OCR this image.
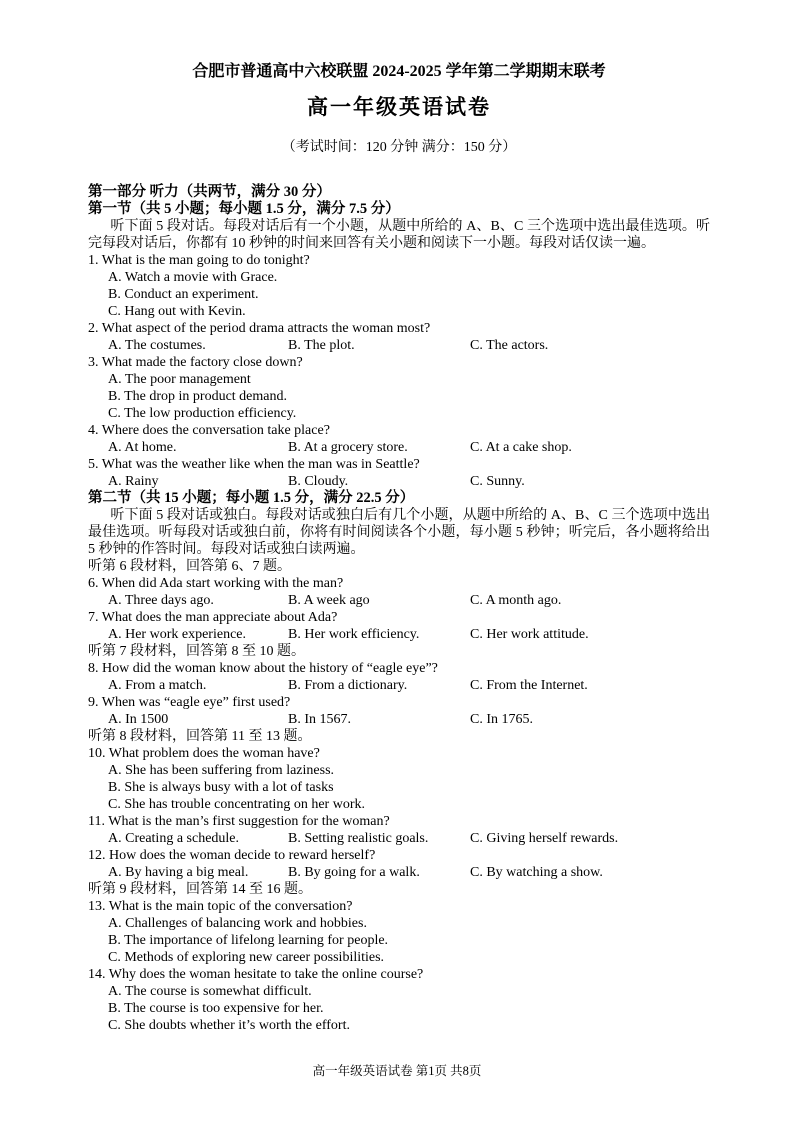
合肥市普通高中六校联盟 2024-2025 学年第二学期期末联考
高一年级英语试卷
（考试时间：120 分钟 满分：150 分）
第一部分 听力（共两节，满分 30 分）
第一节（共 5 小题；每小题 1.5 分，满分 7.5 分）
听下面 5 段对话。每段对话后有一个小题，从题中所给的 A、B、C 三个选项中选出最佳选项。听完每段对话后，你都有 10 秒钟的时间来回答有关小题和阅读下一小题。每段对话仅读一遍。
1. What is the man going to do tonight?
A. Watch a movie with Grace.
B. Conduct an experiment.
C. Hang out with Kevin.
2. What aspect of the period drama attracts the woman most?
A. The costumes.	B. The plot.	C. The actors.
3. What made the factory close down?
A. The poor management
B. The drop in product demand.
C. The low production efficiency.
4. Where does the conversation take place?
A. At home.	B. At a grocery store.	C. At a cake shop.
5. What was the weather like when the man was in Seattle?
A. Rainy	B. Cloudy.	C. Sunny.
第二节（共 15 小题；每小题 1.5 分，满分 22.5 分）
听下面 5 段对话或独白。每段对话或独白后有几个小题，从题中所给的 A、B、C 三个选项中选出最佳选项。听每段对话或独白前，你将有时间阅读各个小题，每小题 5 秒钟；听完后，各小题将给出 5 秒钟的作答时间。每段对话或独白读两遍。
听第 6 段材料，回答第 6、7 题。
6. When did Ada start working with the man?
A. Three days ago.	B. A week ago	C. A month ago.
7. What does the man appreciate about Ada?
A. Her work experience.	B. Her work efficiency.	C. Her work attitude.
听第 7 段材料，回答第 8 至 10 题。
8. How did the woman know about the history of “eagle eye”?
A. From a match.	B. From a dictionary.	C. From the Internet.
9. When was “eagle eye” first used?
A. In 1500	B. In 1567.	C. In 1765.
听第 8 段材料，回答第 11 至 13 题。
10. What problem does the woman have?
A. She has been suffering from laziness.
B. She is always busy with a lot of tasks
C. She has trouble concentrating on her work.
11. What is the man’s first suggestion for the woman?
A. Creating a schedule.	B. Setting realistic goals.	C. Giving herself rewards.
12. How does the woman decide to reward herself?
A. By having a big meal.	B. By going for a walk.	C. By watching a show.
听第 9 段材料，回答第 14 至 16 题。
13. What is the main topic of the conversation?
A. Challenges of balancing work and hobbies.
B. The importance of lifelong learning for people.
C. Methods of exploring new career possibilities.
14. Why does the woman hesitate to take the online course?
A. The course is somewhat difficult.
B. The course is too expensive for her.
C. She doubts whether it’s worth the effort.
高一年级英语试卷 第1页 共8页
